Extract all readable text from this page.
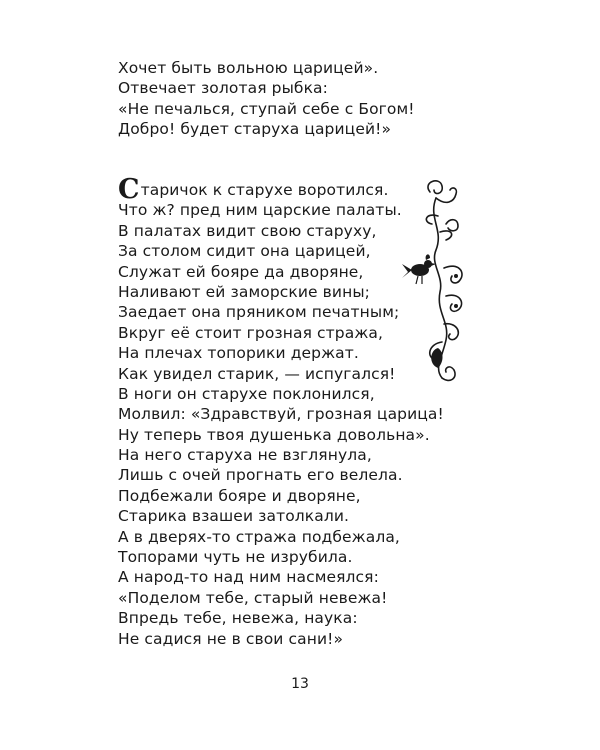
Хочет быть вольною царицей».
Отвечает золотая рыбка:
«Не печалься, ступай себе с Богом!
Добро! будет старуха царицей!»
Старичок к старухе воротился.
Что ж? пред ним царские палаты.
В палатах видит свою старуху,
За столом сидит она царицей,
Служат ей бояре да дворяне,
Наливают ей заморские вины;
Заедает она пряником печатным;
Вкруг её стоит грозная стража,
На плечах топорики держат.
Как увидел старик, — испугался!
В ноги он старухе поклонился,
Молвил: «Здравствуй, грозная царица!
Ну теперь твоя душенька довольна».
На него старуха не взглянула,
Лишь с очей прогнать его велела.
Подбежали бояре и дворяне,
Старика взашеи затолкали.
А в дверях-то стража подбежала,
Топорами чуть не изрубила.
А народ-то над ним насмеялся:
«Поделом тебе, старый невежа!
Впредь тебе, невежа, наука:
Не садися не в свои сани!»
13
